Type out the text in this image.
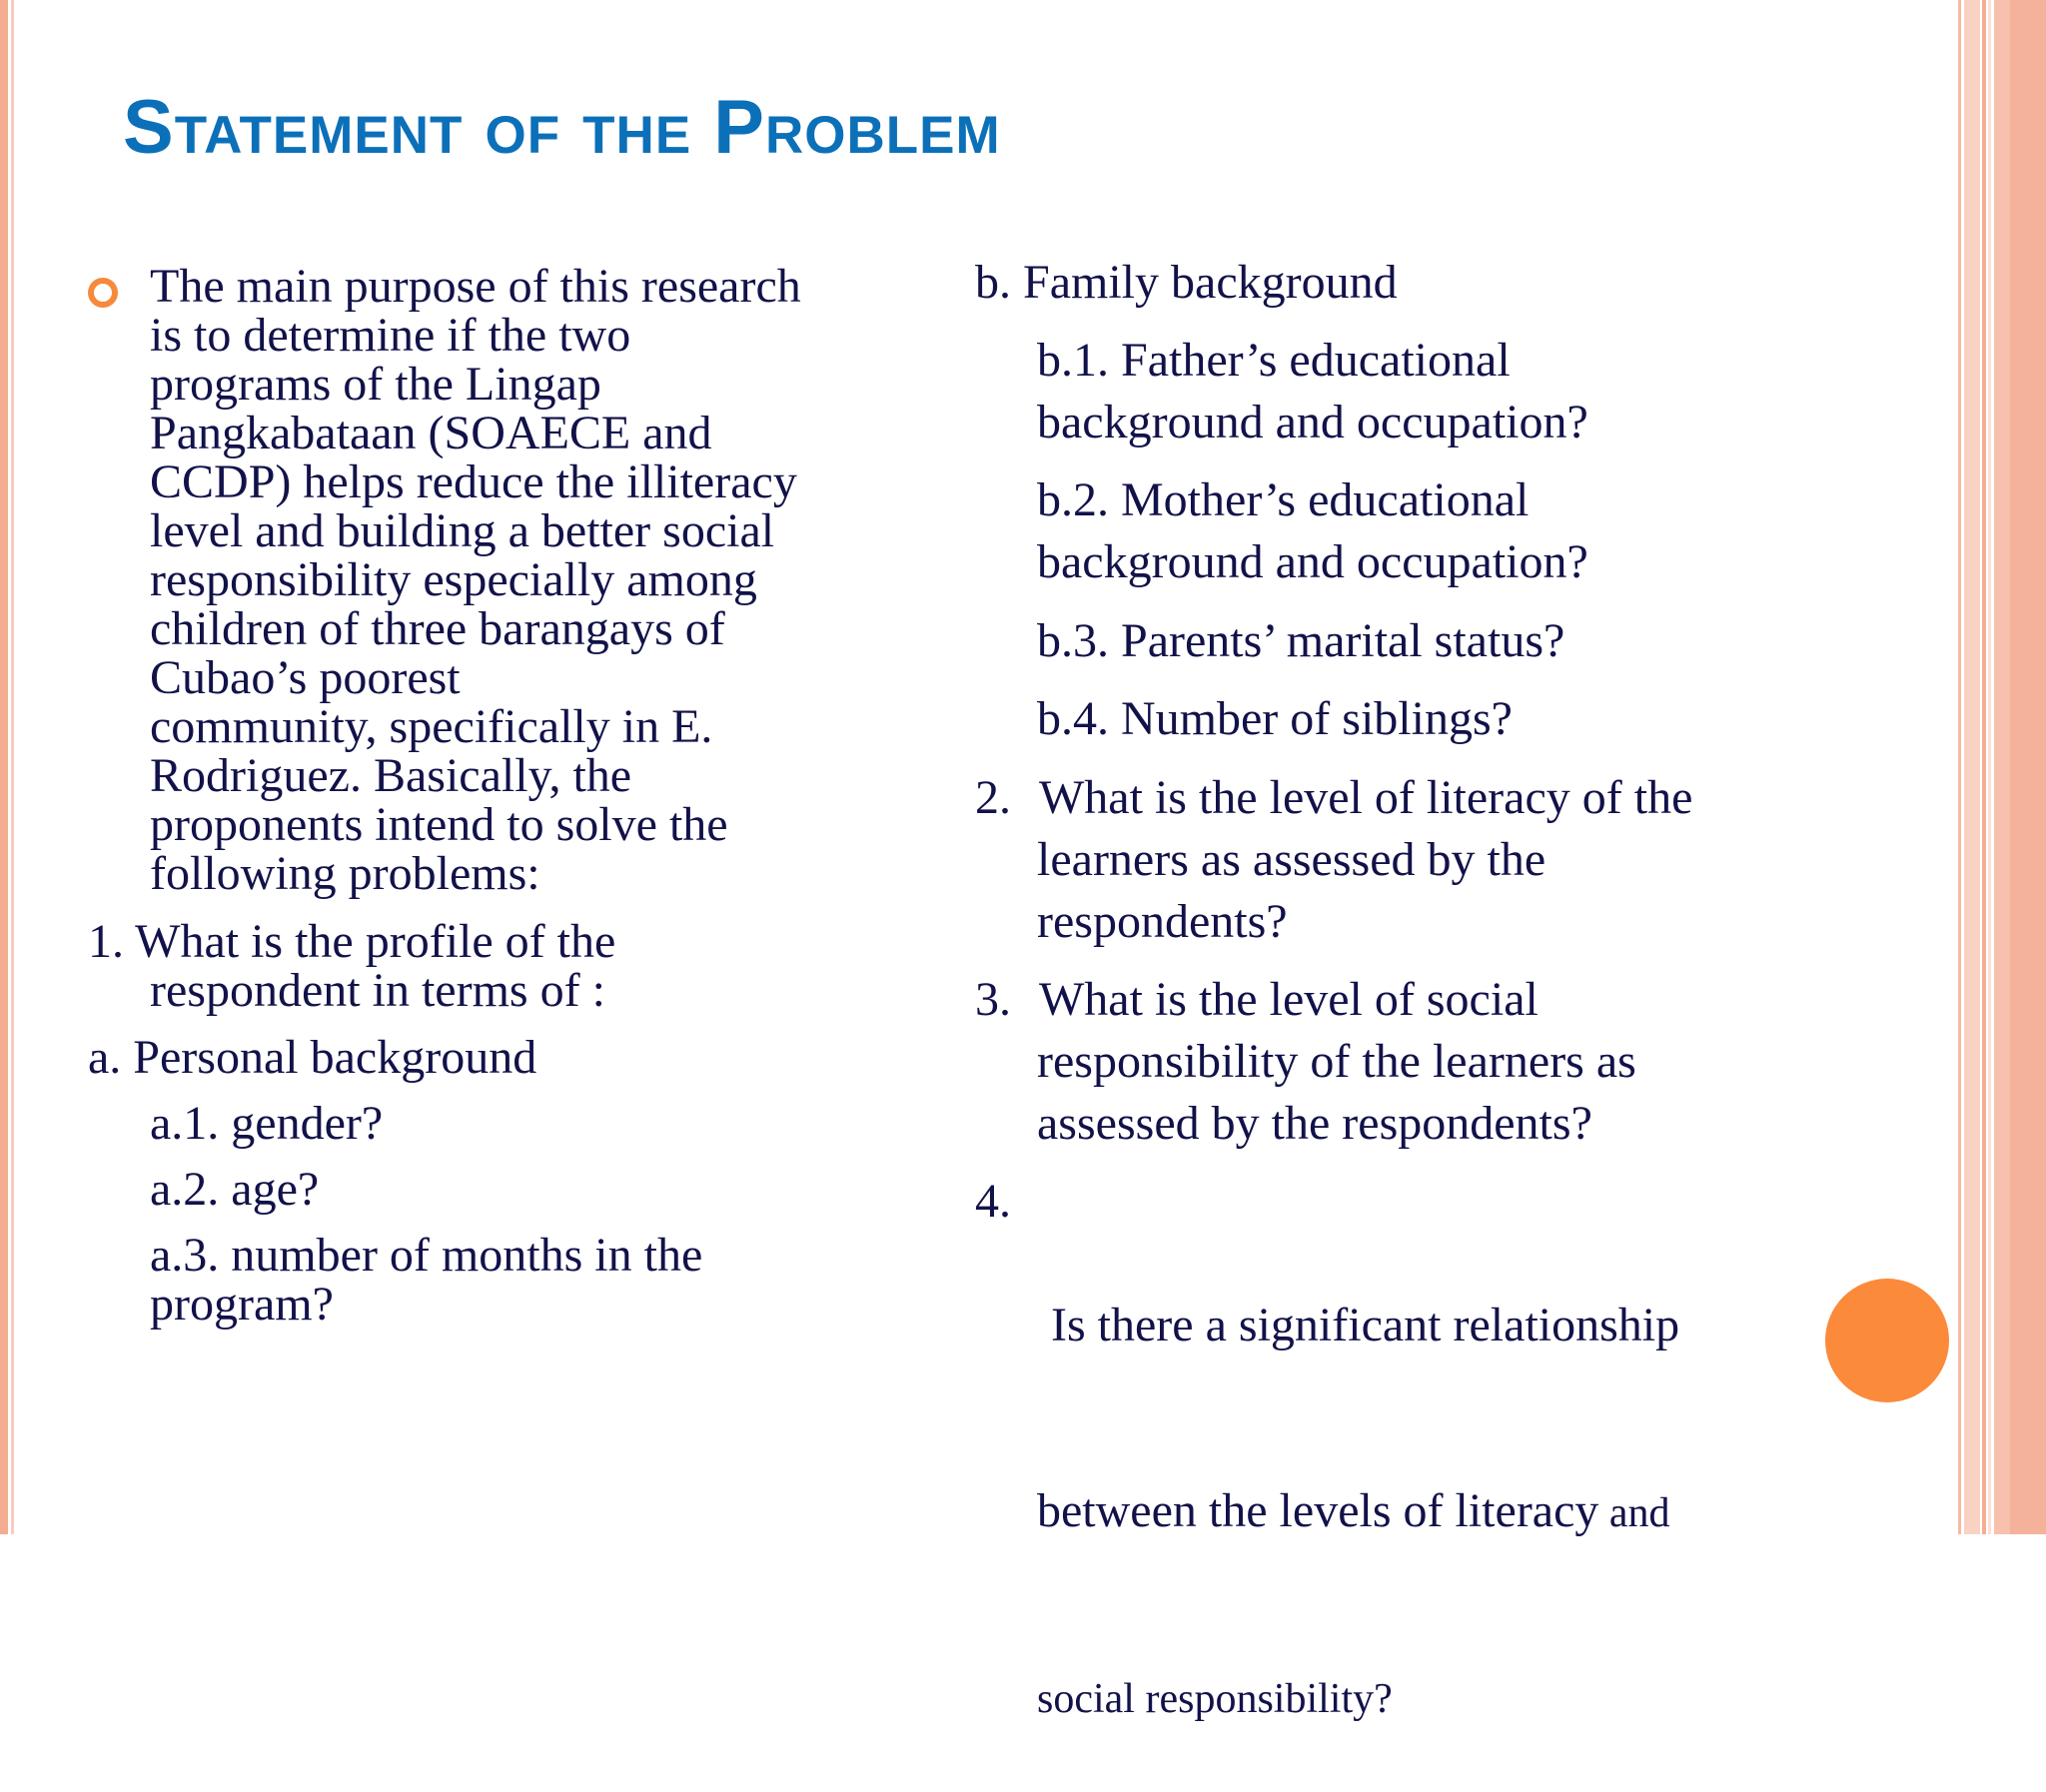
Statement of the Problem
The main purpose of this research
is to determine if the two
programs of the Lingap
Pangkabataan (SOAECE and
CCDP) helps reduce the illiteracy
level and building a better social
responsibility especially among
children of three barangays of
Cubao’s poorest
community, specifically in E.
Rodriguez. Basically, the
proponents intend to solve the
following problems:
1. What is the profile of the
respondent in terms of :
a. Personal background
a.1. gender?
a.2. age?
a.3. number of months in the
program?
b. Family background
b.1. Father’s educational
background and occupation?
b.2. Mother’s educational
background and occupation?
b.3. Parents’ marital status?
b.4. Number of siblings?
2. What is the level of literacy of the
learners as assessed by the
respondents?
3. What is the level of social
responsibility of the learners as
assessed by the respondents?
4.

Is there a significant relationship

between the levels of literacy and

social responsibility?
